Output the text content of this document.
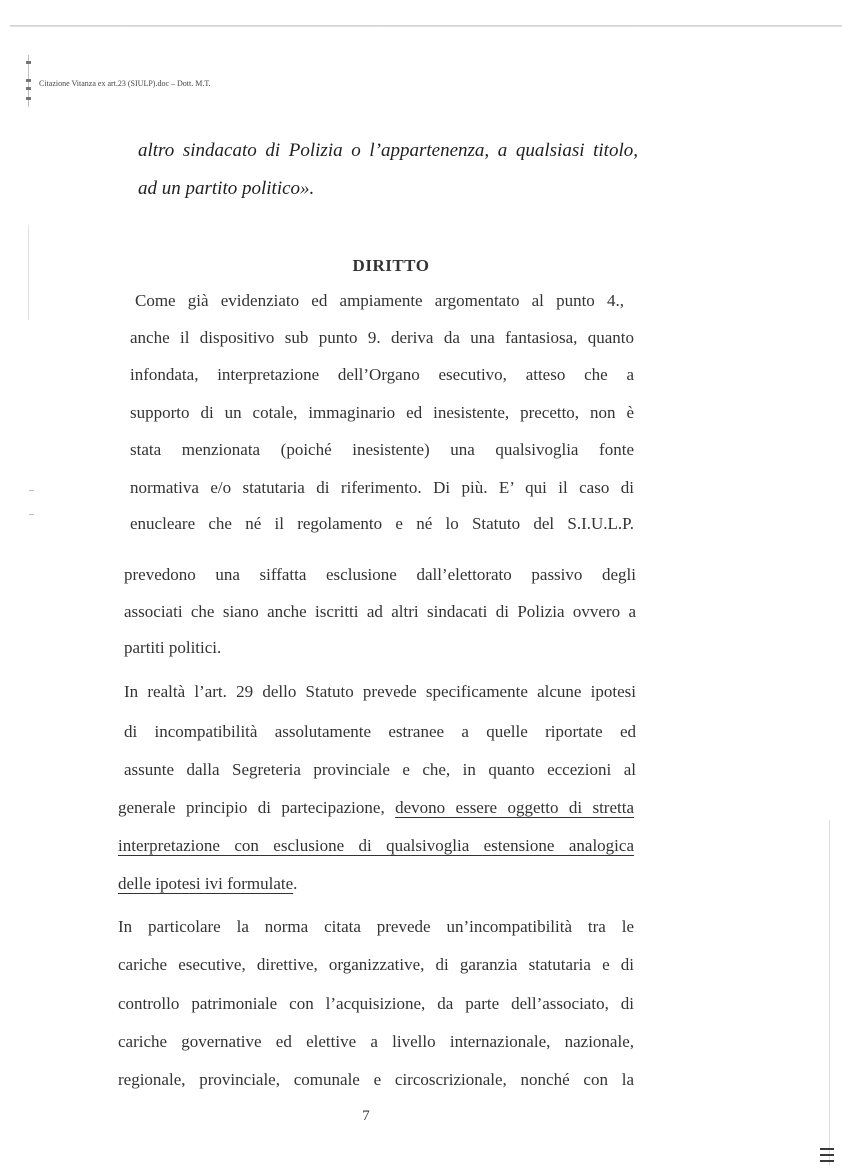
Citazione Vitanza ex art.23 (SIULP).doc – Dott. M.T.
altro sindacato di Polizia o l’appartenenza, a qualsiasi titolo,
ad un partito politico».
DIRITTO
Come già evidenziato ed ampiamente argomentato al punto 4.,
anche il dispositivo sub punto 9. deriva da una fantasiosa, quanto
infondata, interpretazione dell’Organo esecutivo, atteso che a
supporto di un cotale, immaginario ed inesistente, precetto, non è
stata menzionata (poiché inesistente) una qualsivoglia fonte
normativa e/o statutaria di riferimento. Di più. E’ qui il caso di
enucleare che né il regolamento e né lo Statuto del S.I.U.L.P.
prevedono una siffatta esclusione dall’elettorato passivo degli
associati che siano anche iscritti ad altri sindacati di Polizia ovvero a
partiti politici.
In realtà l’art. 29 dello Statuto prevede specificamente alcune ipotesi
di incompatibilità assolutamente estranee a quelle riportate ed
assunte dalla Segreteria provinciale e che, in quanto eccezioni al
generale principio di partecipazione, devono essere oggetto di stretta
interpretazione con esclusione di qualsivoglia estensione analogica
delle ipotesi ivi formulate.
In particolare la norma citata prevede un’incompatibilità tra le
cariche esecutive, direttive, organizzative, di garanzia statutaria e di
controllo patrimoniale con l’acquisizione, da parte dell’associato, di
cariche governative ed elettive a livello internazionale, nazionale,
regionale, provinciale, comunale e circoscrizionale, nonché con la
7
